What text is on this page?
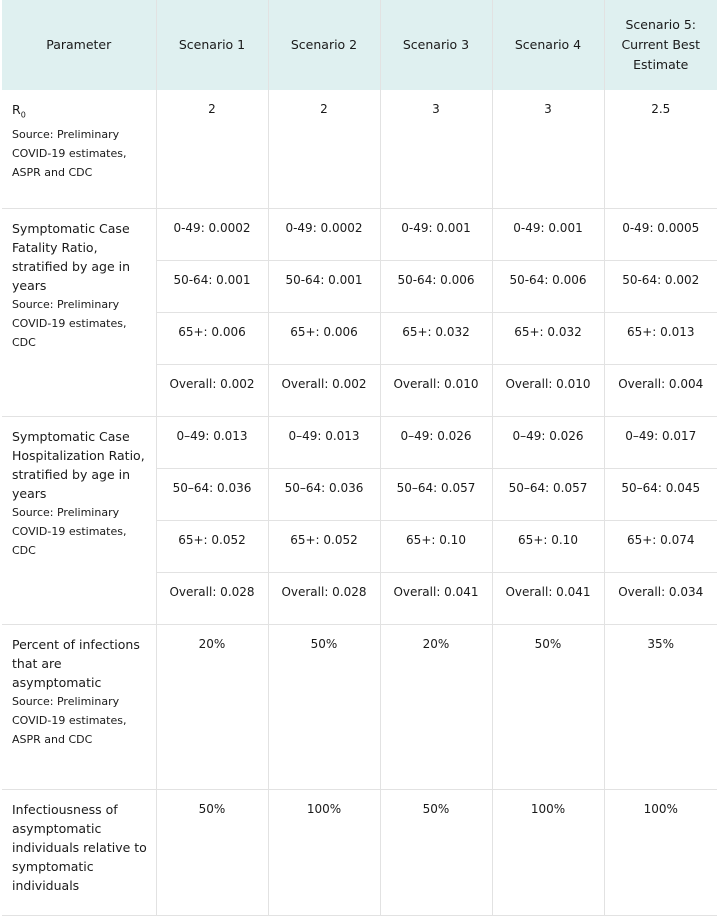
Parameter	Scenario 1	Scenario 2	Scenario 3	Scenario 4	Scenario 5:
Current Best
Estimate
$R_0$
Source: Preliminary COVID-19 estimates, ASPR and CDC	2	2	3	3	2.5
Symptomatic Case Fatality Ratio, stratified by age in years
Source: Preliminary COVID-19 estimates, CDC	0-49: 0.0002	0-49: 0.0002	0-49: 0.001	0-49: 0.001	0-49: 0.0005
	50-64: 0.001	50-64: 0.001	50-64: 0.006	50-64: 0.006	50-64: 0.002
	65+: 0.006	65+: 0.006	65+: 0.032	65+: 0.032	65+: 0.013
	Overall: 0.002	Overall: 0.002	Overall: 0.010	Overall: 0.010	Overall: 0.004
Symptomatic Case Hospitalization Ratio, stratified by age in years
Source: Preliminary COVID-19 estimates, CDC	0–49: 0.013	0–49: 0.013	0–49: 0.026	0–49: 0.026	0–49: 0.017
	50–64: 0.036	50–64: 0.036	50–64: 0.057	50–64: 0.057	50–64: 0.045
	65+: 0.052	65+: 0.052	65+: 0.10	65+: 0.10	65+: 0.074
	Overall: 0.028	Overall: 0.028	Overall: 0.041	Overall: 0.041	Overall: 0.034
Percent of infections that are asymptomatic
Source: Preliminary COVID-19 estimates, ASPR and CDC	20%	50%	20%	50%	35%
Infectiousness of asymptomatic individuals relative to symptomatic individuals	50%	100%	50%	100%	100%
